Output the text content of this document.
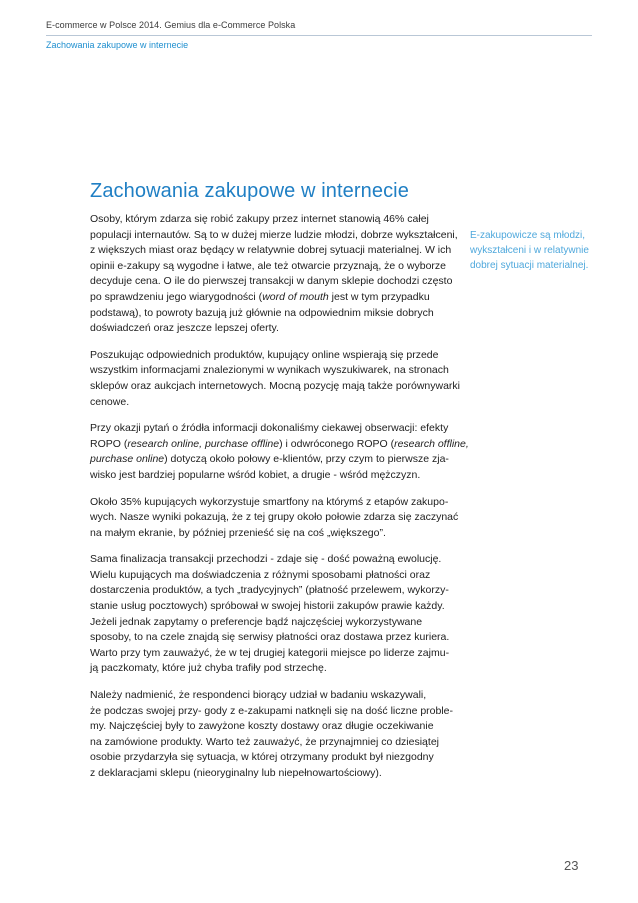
E-commerce w Polsce 2014. Gemius dla e-Commerce Polska
Zachowania zakupowe w internecie
Zachowania zakupowe w internecie

Osoby, którym zdarza się robić zakupy przez internet stanowią 46% całej
populacji internautów. Są to w dużej mierze ludzie młodzi, dobrze wykształceni,
z większych miast oraz będący w relatywnie dobrej sytuacji materialnej. W ich
opinii e-zakupy są wygodne i łatwe, ale też otwarcie przyznają, że o wyborze
decyduje cena. O ile do pierwszej transakcji w danym sklepie dochodzi często
po sprawdzeniu jego wiarygodności (word of mouth jest w tym przypadku
podstawą), to powroty bazują już głównie na odpowiednim miksie dobrych
doświadczeń oraz jeszcze lepszej oferty.

Poszukując odpowiednich produktów, kupujący online wspierają się przede
wszystkim informacjami znalezionymi w wynikach wyszukiwarek, na stronach
sklepów oraz aukcjach internetowych. Mocną pozycję mają także porównywarki
cenowe.

Przy okazji pytań o źródła informacji dokonaliśmy ciekawej obserwacji: efekty
ROPO (research online, purchase offline) i odwróconego ROPO (research offline,
purchase online) dotyczą około połowy e-klientów, przy czym to pierwsze zja-
wisko jest bardziej popularne wśród kobiet, a drugie - wśród mężczyzn.

Około 35% kupujących wykorzystuje smartfony na którymś z etapów zakupo-
wych. Nasze wyniki pokazują, że z tej grupy około połowie zdarza się zaczynać
na małym ekranie, by później przenieść się na coś „większego”.

Sama finalizacja transakcji przechodzi - zdaje się - dość poważną ewolucję.
Wielu kupujących ma doświadczenia z różnymi sposobami płatności oraz
dostarczenia produktów, a tych „tradycyjnych” (płatność przelewem, wykorzy-
stanie usług pocztowych) spróbował w swojej historii zakupów prawie każdy.
Jeżeli jednak zapytamy o preferencje bądź najczęściej wykorzystywane
sposoby, to na czele znajdą się serwisy płatności oraz dostawa przez kuriera.
Warto przy tym zauważyć, że w tej drugiej kategorii miejsce po liderze zajmu-
ją paczkomaty, które już chyba trafiły pod strzechę.

Należy nadmienić, że respondenci biorący udział w badaniu wskazywali,
że podczas swojej przy- gody z e-zakupami natknęli się na dość liczne proble-
my. Najczęściej były to zawyżone koszty dostawy oraz długie oczekiwanie
na zamówione produkty. Warto też zauważyć, że przynajmniej co dziesiątej
osobie przydarzyła się sytuacja, w której otrzymany produkt był niezgodny
z deklaracjami sklepu (nieoryginalny lub niepełnowartościowy).

E-zakupowicze są młodzi,
wykształceni i w relatywnie
dobrej sytuacji materialnej.
23
